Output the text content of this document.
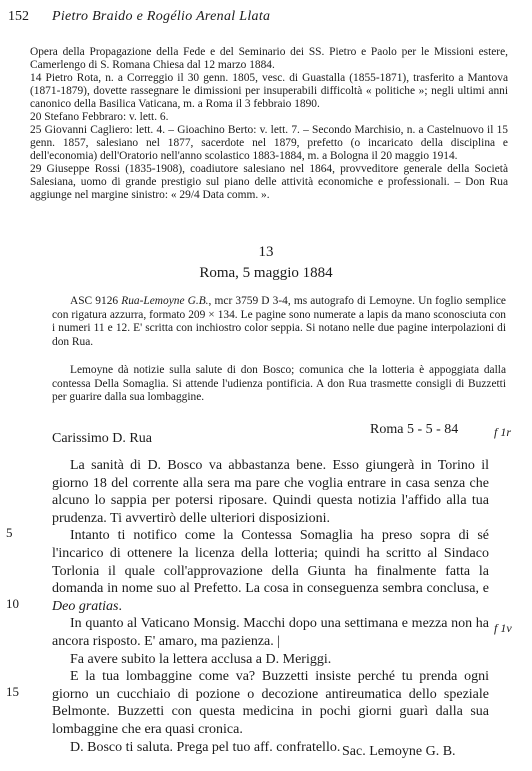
152 Pietro Braido e Rogélio Arenal Llata

Opera della Propagazione della Fede e del Seminario dei SS. Pietro e Paolo per le Missioni estere, Camerlengo di S. Romana Chiesa dal 12 marzo 1884.

14 Pietro Rota, n. a Correggio il 30 genn. 1805, vesc. di Guastalla (1855-1871), trasferito a Mantova (1871-1879), dovette rassegnare le dimissioni per insuperabili difficoltà « politiche »; negli ultimi anni canonico della Basilica Vaticana, m. a Roma il 3 febbraio 1890.

20 Stefano Febbraro: v. lett. 6.

25 Giovanni Cagliero: lett. 4. – Gioachino Berto: v. lett. 7. – Secondo Marchisio, n. a Castelnuovo il 15 genn. 1857, salesiano nel 1877, sacerdote nel 1879, prefetto (o incaricato della disciplina e dell'economia) dell'Oratorio nell'anno scolastico 1883-1884, m. a Bologna il 20 maggio 1914.

29 Giuseppe Rossi (1835-1908), coadiutore salesiano nel 1864, provveditore generale della Società Salesiana, uomo di grande prestigio sul piano delle attività economiche e professionali. – Don Rua aggiunge nel margine sinistro: « 29/4 Data comm. ».

13
Roma, 5 maggio 1884

ASC 9126 Rua-Lemoyne G.B., mcr 3759 D 3-4, ms autografo di Lemoyne. Un foglio semplice con rigatura azzurra, formato 209 × 134. Le pagine sono numerate a lapis da mano sconosciuta con i numeri 11 e 12. E' scritta con inchiostro color seppia. Si notano nelle due pagine interpolazioni di don Rua.

Lemoyne dà notizie sulla salute di don Bosco; comunica che la lotteria è appoggiata dalla contessa Della Somaglia. Si attende l'udienza pontificia. A don Rua trasmette consigli di Buzzetti per guarire dalla sua lombaggine.

Roma 5 - 5 - 84	f 1r
f 1v
Carissimo D. Rua

La sanità di D. Bosco va abbastanza bene. Esso giungerà in Torino il giorno 18 del corrente alla sera ma pare che voglia entrare in casa senza che alcuno lo sappia per potersi riposare. Quindi questa notizia l'affido alla tua prudenza. Ti avvertirò delle ulteriori disposizioni.

Intanto ti notifico come la Contessa Somaglia ha preso sopra di sé l'incarico di ottenere la licenza della lotteria; quindi ha scritto al Sindaco Torlonia il quale coll'approvazione della Giunta ha finalmente fatta la domanda in nome suo al Prefetto. La cosa in conseguenza sembra conclusa, e Deo gratias.

In quanto al Vaticano Monsig. Macchi dopo una settimana e mezza non ha ancora risposto. E' amaro, ma pazienza. |

Fa avere subito la lettera acclusa a D. Meriggi.

E la tua lombaggine come va? Buzzetti insiste perché tu prenda ogni giorno un cucchiaio di pozione o decozione antireumatica dello speziale Belmonte. Buzzetti con questa medicina in pochi giorni guarì dalla sua lombaggine che era quasi cronica.

D. Bosco ti saluta. Prega pel tuo aff. confratello.

5
10
15
Sac. Lemoyne G. B.
